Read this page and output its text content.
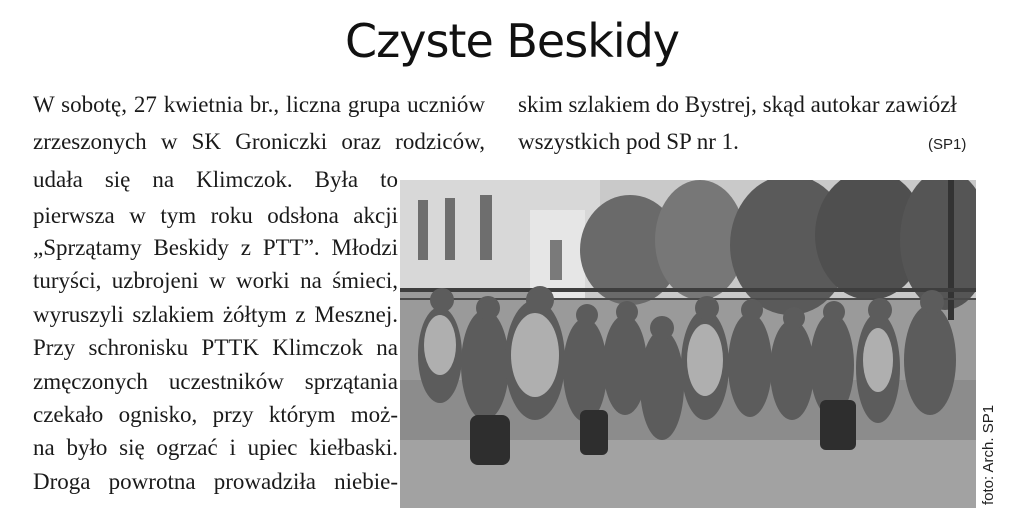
Czyste Beskidy
W sobotę, 27 kwietnia br., liczna grupa uczniów
zrzeszonych w SK Groniczki oraz rodziców,
udała się na Klimczok. Była to
pierwsza w tym roku odsłona akcji
„Sprzątamy Beskidy z PTT”. Młodzi
turyści, uzbrojeni w worki na śmieci,
wyruszyli szlakiem żółtym z Mesznej.
Przy schronisku PTTK Klimczok na
zmęczonych uczestników sprzątania
czekało ognisko, przy którym moż-
na było się ogrzać i upiec kiełbaski.
Droga powrotna prowadziła niebie-
skim szlakiem do Bystrej, skąd autokar zawiózł
wszystkich pod SP nr 1.	(SP1)
foto: Arch. SP1
